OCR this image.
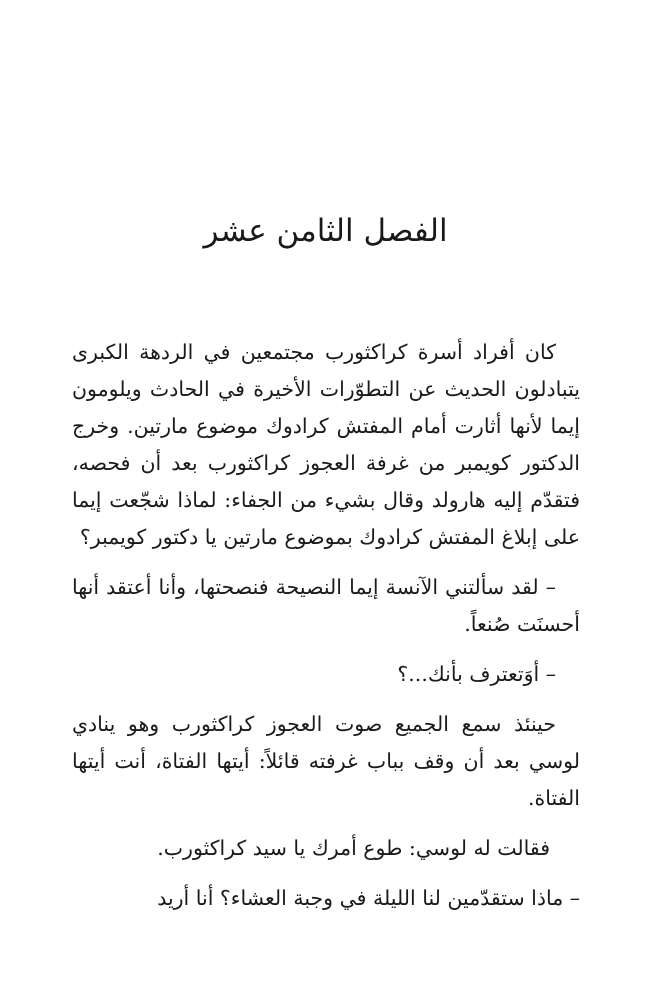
الفصل الثامن عشر

كان أفراد أسرة كراكثورب مجتمعين في الردهة الكبرى يتبادلون الحديث عن التطوّرات الأخيرة في الحادث ويلومون إيما لأنها أثارت أمام المفتش كرادوك موضوع مارتين. وخرج الدكتور كويمبر من غرفة العجوز كراكثورب بعد أن فحصه، فتقدّم إليه هارولد وقال بشيء من الجفاء: لماذا شجّعت إيما على إبلاغ المفتش كرادوك بموضوع مارتين يا دكتور كويمبر؟

– لقد سألتني الآنسة إيما النصيحة فنصحتها، وأنا أعتقد أنها أحسنَت صُنعاً.

– أوَتعترف بأنك...؟

حينئذ سمع الجميع صوت العجوز كراكثورب وهو ينادي لوسي بعد أن وقف بباب غرفته قائلاً: أيتها الفتاة، أنت أيتها الفتاة.

فقالت له لوسي: طوع أمرك يا سيد كراكثورب.

– ماذا ستقدّمين لنا الليلة في وجبة العشاء؟ أنا أريد
